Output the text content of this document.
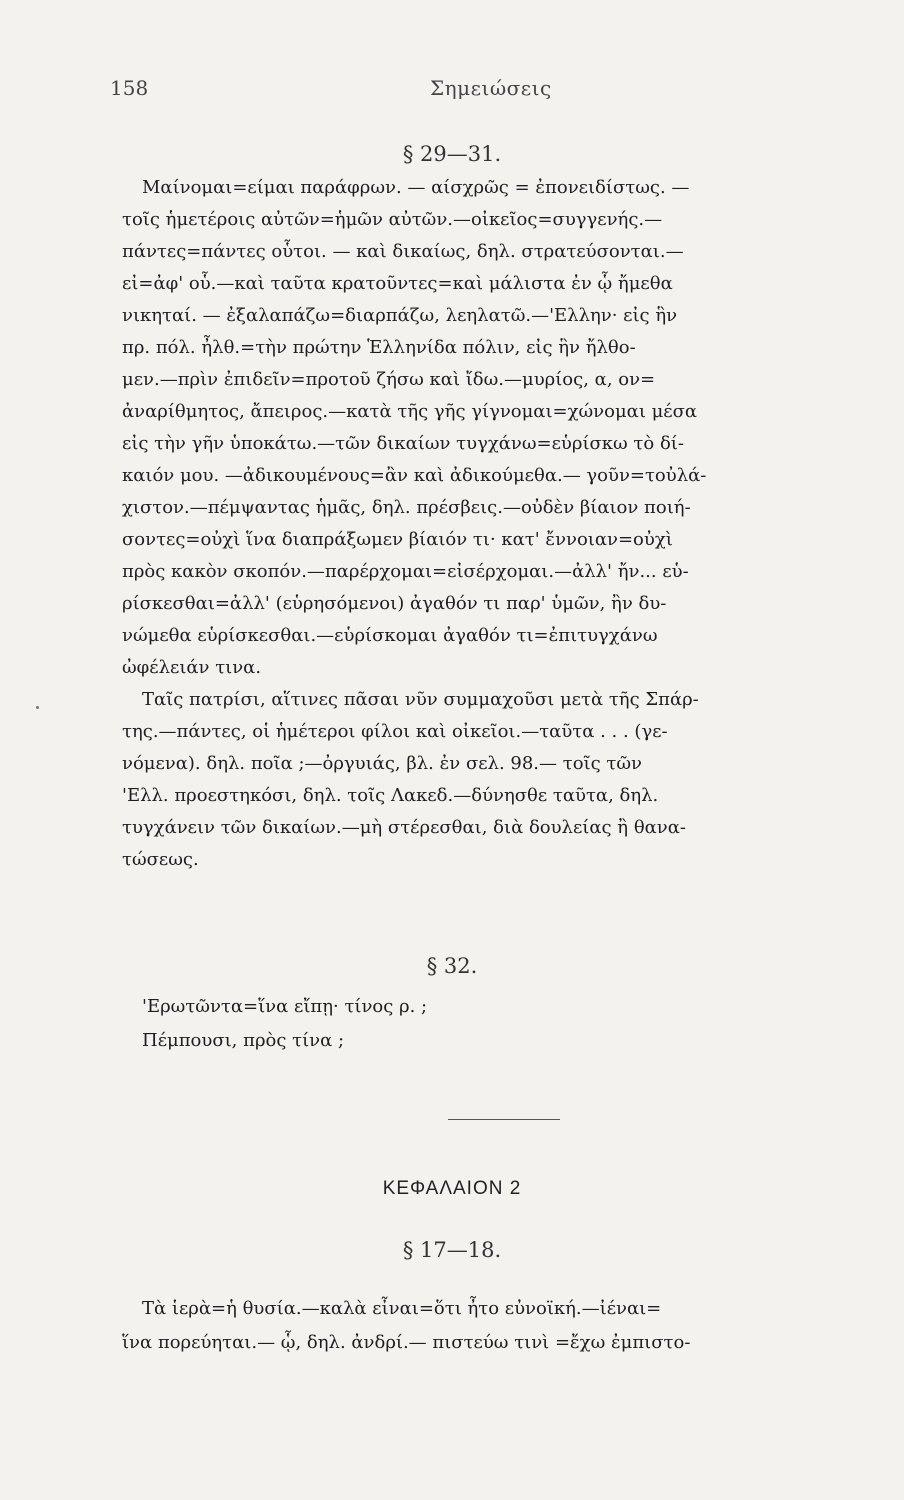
158	Σημειώσεις
§ 29—31.
Μαίνομαι=είμαι παράφρων. — αίσχρῶς = ἐπονειδίστως. —
τοῖς ἡμετέροις αὐτῶν=ἡμῶν αὐτῶν.—οἰκεῖος=συγγενής.—
πάντες=πάντες οὗτοι. — καὶ δικαίως, δηλ. στρατεύσονται.—
εἰ=ἀφ' οὗ.—καὶ ταῦτα κρατοῦντες=καὶ μάλιστα ἐν ᾧ ἤμεθα
νικηταί. — ἐξαλαπάζω=διαρπάζω, λεηλατῶ.—'Ελλην· εἰς ἣν
πρ. πόλ. ἦλθ.=τὴν πρώτην Ἑλληνίδα πόλιν, εἰς ἣν ἤλθο-
μεν.—πρὶν ἐπιδεῖν=προτοῦ ζήσω καὶ ἴδω.—μυρίος, α, ον=
ἀναρίθμητος, ἄπειρος.—κατὰ τῆς γῆς γίγνομαι=χώνομαι μέσα
εἰς τὴν γῆν ὑποκάτω.—τῶν δικαίων τυγχάνω=εὑρίσκω τὸ δί-
καιόν μου. —ἀδικουμένους=ἂν καὶ ἀδικούμεθα.— γοῦν=τοὐλά-
χιστον.—πέμψαντας ἡμᾶς, δηλ. πρέσβεις.—οὐδὲν βίαιον ποιή-
σοντες=οὐχὶ ἵνα διαπράξωμεν βίαιόν τι· κατ' ἔννοιαν=οὐχὶ
πρὸς κακὸν σκοπόν.—παρέρχομαι=εἰσέρχομαι.—ἀλλ' ἤν... εὑ-
ρίσκεσθαι=ἀλλ' (εὑρησόμενοι) ἀγαθόν τι παρ' ὑμῶν, ἢν δυ-
νώμεθα εὑρίσκεσθαι.—εὑρίσκομαι ἀγαθόν τι=ἐπιτυγχάνω
ὠφέλειάν τινα.
Ταῖς πατρίσι, αἵτινες πᾶσαι νῦν συμμαχοῦσι μετὰ τῆς Σπάρ-
της.—πάντες, οἱ ἡμέτεροι φίλοι καὶ οἰκεῖοι.—ταῦτα . . . (γε-
νόμενα). δηλ. ποῖα ;—ὀργυιάς, βλ. ἐν σελ. 98.— τοῖς τῶν
'Ελλ. προεστηκόσι, δηλ. τοῖς Λακεδ.—δύνησθε ταῦτα, δηλ.
τυγχάνειν τῶν δικαίων.—μὴ στέρεσθαι, διὰ δουλείας ἢ θανα-
τώσεως.
§ 32.
'Ερωτῶντα=ἵνα εἴπῃ· τίνος ρ. ;
Πέμπουσι, πρὸς τίνα ;
ΚΕΦΑΛΑΙΟΝ 2
§ 17—18.
Τὰ ἱερὰ=ἡ θυσία.—καλὰ εἶναι=ὅτι ἦτο εὐνοϊκή.—ἰέναι=
ἵνα πορεύηται.— ᾧ, δηλ. ἀνδρί.— πιστεύω τινὶ =ἔχω ἐμπιστο-
